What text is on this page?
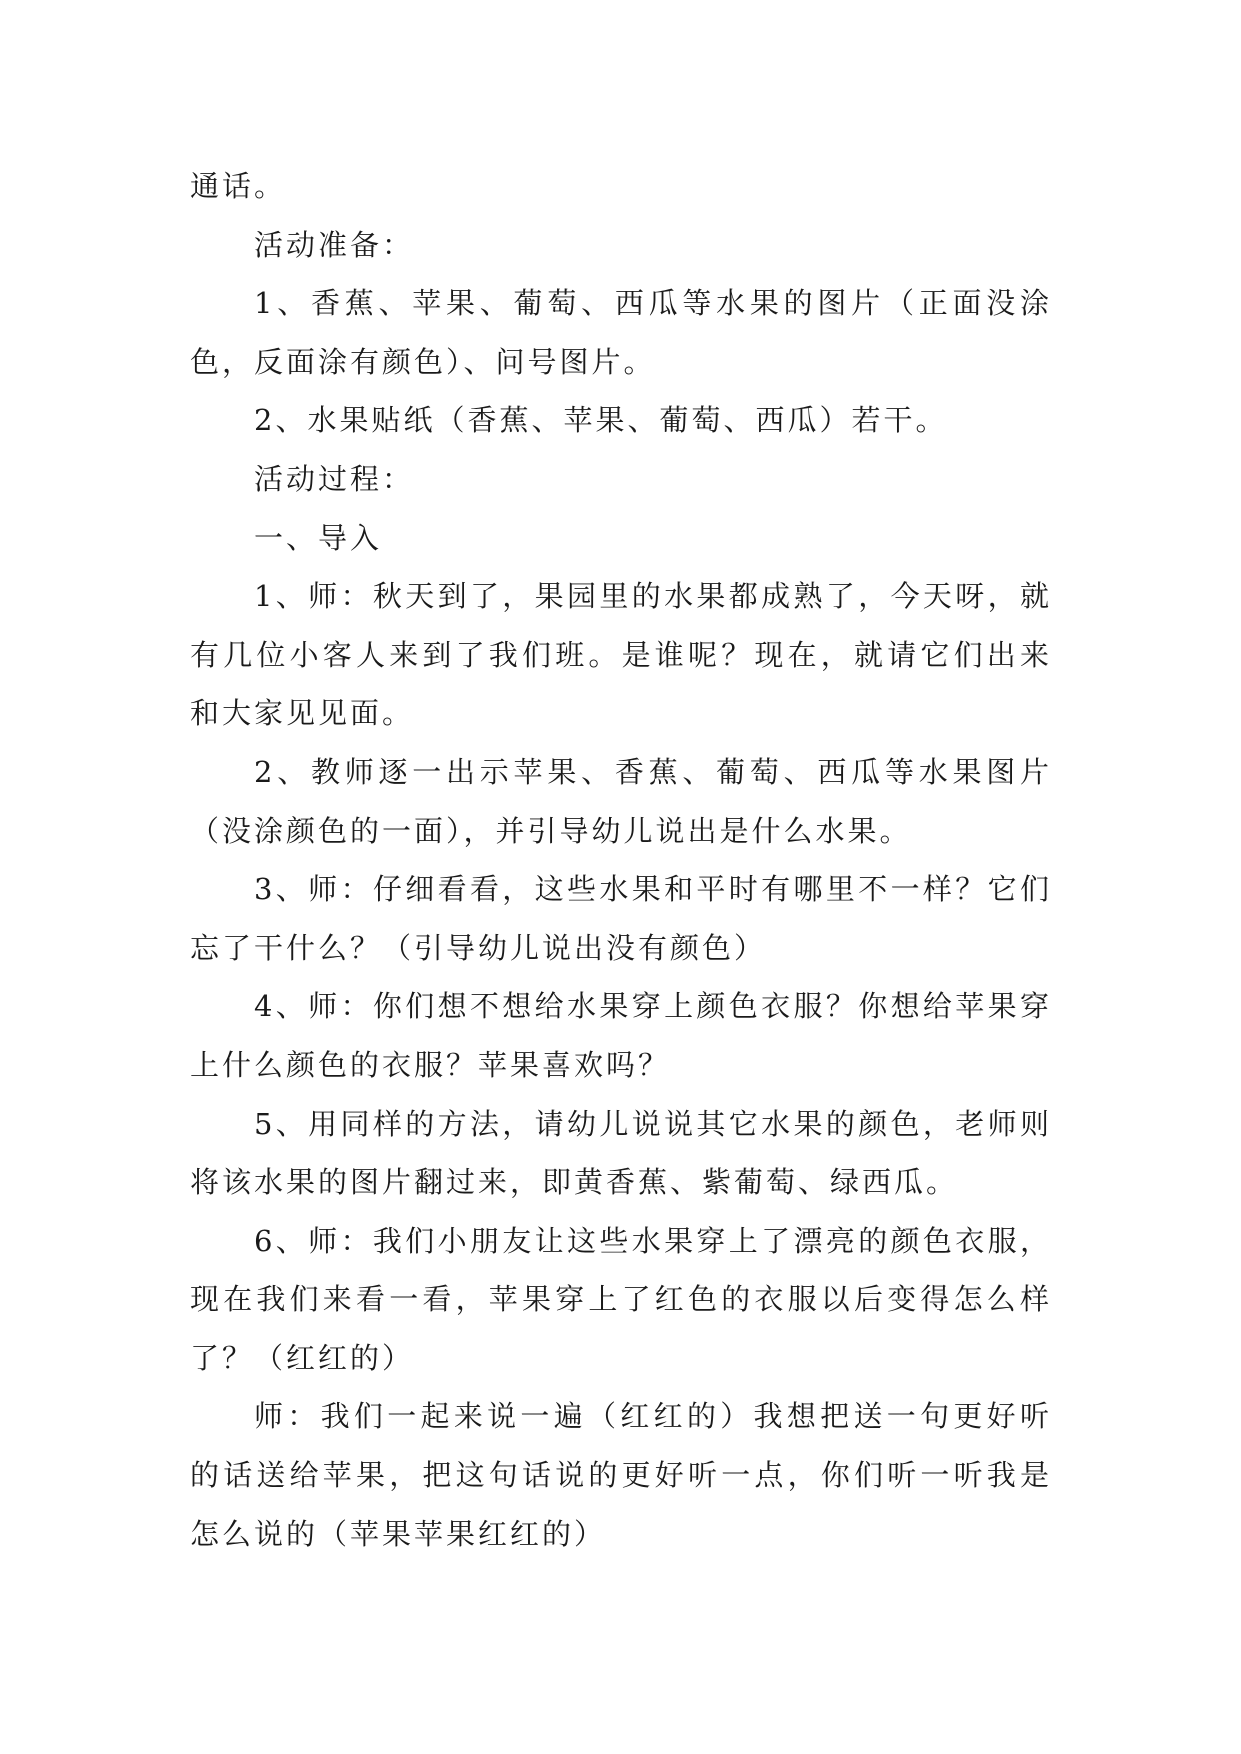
通话。

活动准备：

1、香蕉、苹果、葡萄、西瓜等水果的图片（正面没涂色，反面涂有颜色）、问号图片。

2、水果贴纸（香蕉、苹果、葡萄、西瓜）若干。

活动过程：

一、导入

1、师：秋天到了，果园里的水果都成熟了，今天呀，就有几位小客人来到了我们班。是谁呢？现在，就请它们出来和大家见见面。

2、教师逐一出示苹果、香蕉、葡萄、西瓜等水果图片（没涂颜色的一面），并引导幼儿说出是什么水果。

3、师：仔细看看，这些水果和平时有哪里不一样？它们忘了干什么？（引导幼儿说出没有颜色）

4、师：你们想不想给水果穿上颜色衣服？你想给苹果穿上什么颜色的衣服？苹果喜欢吗？

5、用同样的方法，请幼儿说说其它水果的颜色，老师则将该水果的图片翻过来，即黄香蕉、紫葡萄、绿西瓜。

6、师：我们小朋友让这些水果穿上了漂亮的颜色衣服，现在我们来看一看，苹果穿上了红色的衣服以后变得怎么样了？（红红的）

师：我们一起来说一遍（红红的）我想把送一句更好听的话送给苹果，把这句话说的更好听一点，你们听一听我是怎么说的（苹果苹果红红的）
